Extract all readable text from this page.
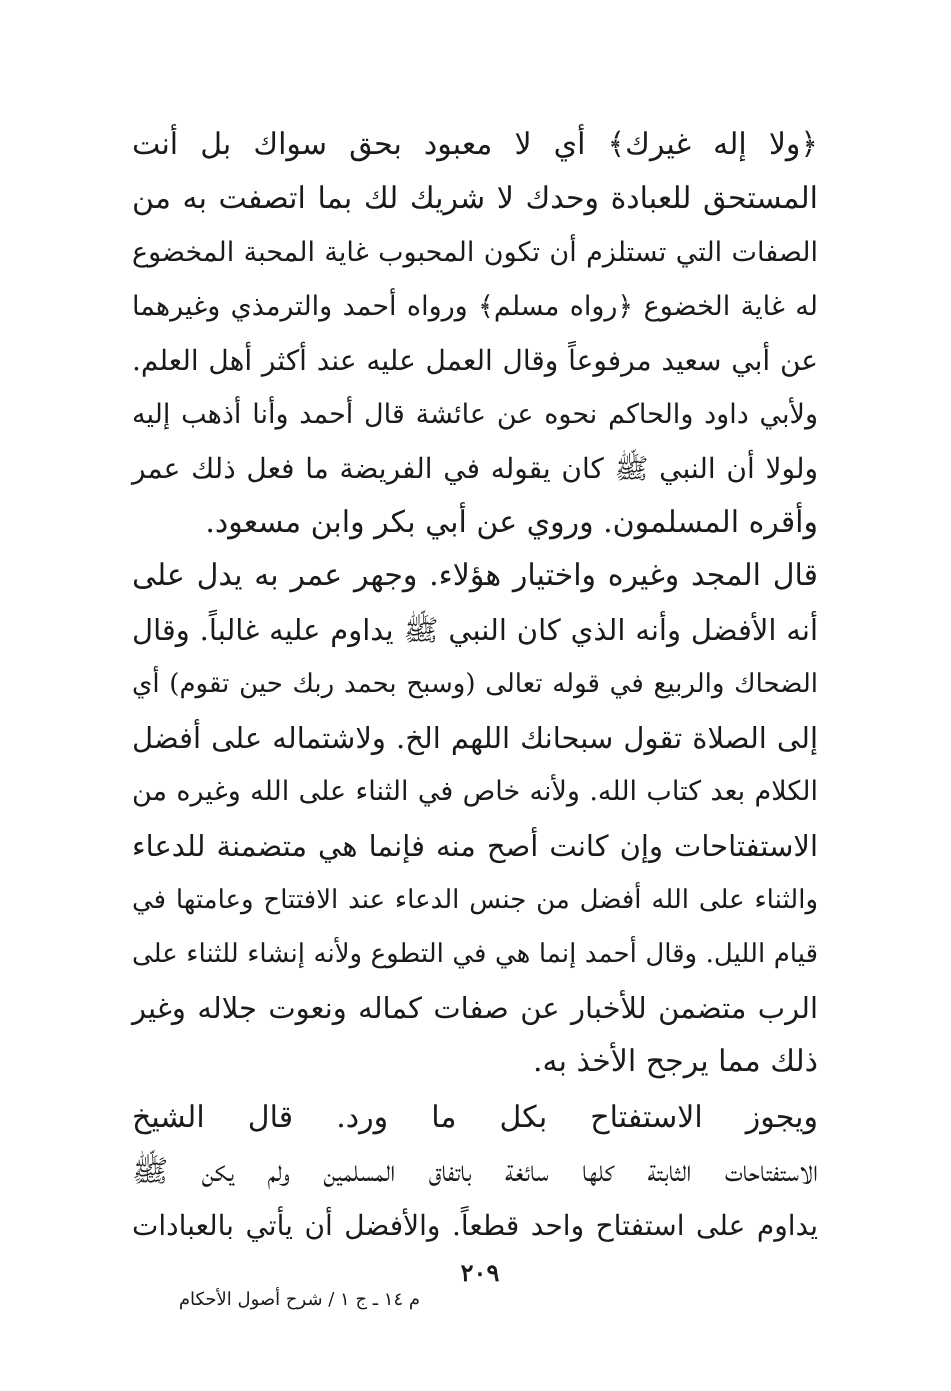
﴿ولا إله غيرك﴾ أي لا معبود بحق سواك بل أنت
المستحق للعبادة وحدك لا شريك لك بما اتصفت به من
الصفات التي تستلزم أن تكون المحبوب غاية المحبة المخضوع
له غاية الخضوع ﴿رواه مسلم﴾ ورواه أحمد والترمذي وغيرهما
عن أبي سعيد مرفوعاً وقال العمل عليه عند أكثر أهل العلم.
ولأبي داود والحاكم نحوه عن عائشة قال أحمد وأنا أذهب إليه
ولولا أن النبي ﷺ كان يقوله في الفريضة ما فعل ذلك عمر
وأقره المسلمون. وروي عن أبي بكر وابن مسعود.
قال المجد وغيره واختيار هؤلاء. وجهر عمر به يدل على
أنه الأفضل وأنه الذي كان النبي ﷺ يداوم عليه غالباً. وقال
الضحاك والربيع في قوله تعالى (وسبح بحمد ربك حين تقوم) أي
إلى الصلاة تقول سبحانك اللهم الخ. ولاشتماله على أفضل
الكلام بعد كتاب الله. ولأنه خاص في الثناء على الله وغيره من
الاستفتاحات وإن كانت أصح منه فإنما هي متضمنة للدعاء
والثناء على الله أفضل من جنس الدعاء عند الافتتاح وعامتها في
قيام الليل. وقال أحمد إنما هي في التطوع ولأنه إنشاء للثناء على
الرب متضمن للأخبار عن صفات كماله ونعوت جلاله وغير
ذلك مما يرجح الأخذ به.
ويجوز الاستفتاح بكل ما ورد. قال الشيخ
الاستفتاحات الثابتة كلها سائغة باتفاق المسلمين ولم يكن ﷺ
يداوم على استفتاح واحد قطعاً. والأفضل أن يأتي بالعبادات
٢٠٩
م ١٤ ـ ج ١ / شرح أصول الأحكام
